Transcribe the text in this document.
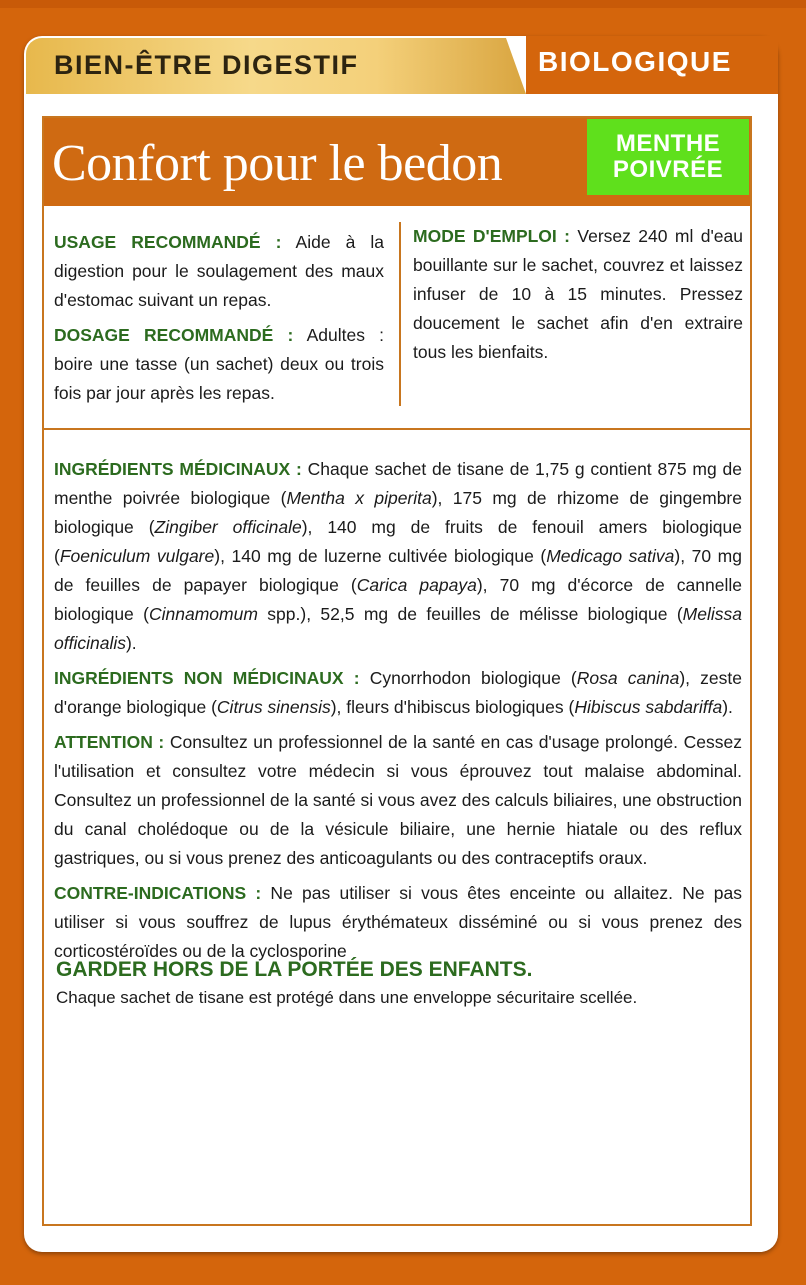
BIEN-ÊTRE DIGESTIF	BIOLOGIQUE
Confort pour le bedon	MENTHE
POIVRÉE

USAGE RECOMMANDÉ : Aide à la digestion pour le soulagement des maux d'estomac suivant un repas.

DOSAGE RECOMMANDÉ : Adultes : boire une tasse (un sachet) deux ou trois fois par jour après les repas.

MODE D'EMPLOI : Versez 240 ml d'eau bouillante sur le sachet, couvrez et laissez infuser de 10 à 15 minutes. Pressez doucement le sachet afin d'en extraire tous les bienfaits.

INGRÉDIENTS MÉDICINAUX : Chaque sachet de tisane de 1,75 g contient 875 mg de menthe poivrée biologique (Mentha x piperita), 175 mg de rhizome de gingembre biologique (Zingiber officinale), 140 mg de fruits de fenouil amers biologique (Foeniculum vulgare), 140 mg de luzerne cultivée biologique (Medicago sativa), 70 mg de feuilles de papayer biologique (Carica papaya), 70 mg d'écorce de cannelle biologique (Cinnamomum spp.), 52,5 mg de feuilles de mélisse biologique (Melissa officinalis).

INGRÉDIENTS NON MÉDICINAUX : Cynorrhodon biologique (Rosa canina), zeste d'orange biologique (Citrus sinensis), fleurs d'hibiscus biologiques (Hibiscus sabdariffa).

ATTENTION : Consultez un professionnel de la santé en cas d'usage prolongé. Cessez l'utilisation et consultez votre médecin si vous éprouvez tout malaise abdominal. Consultez un professionnel de la santé si vous avez des calculs biliaires, une obstruction du canal cholédoque ou de la vésicule biliaire, une hernie hiatale ou des reflux gastriques, ou si vous prenez des anticoagulants ou des contraceptifs oraux.

CONTRE-INDICATIONS : Ne pas utiliser si vous êtes enceinte ou allaitez. Ne pas utiliser si vous souffrez de lupus érythémateux disséminé ou si vous prenez des corticostéroïdes ou de la cyclosporine

GARDER HORS DE LA PORTÉE DES ENFANTS.
Chaque sachet de tisane est protégé dans une enveloppe sécuritaire scellée.
